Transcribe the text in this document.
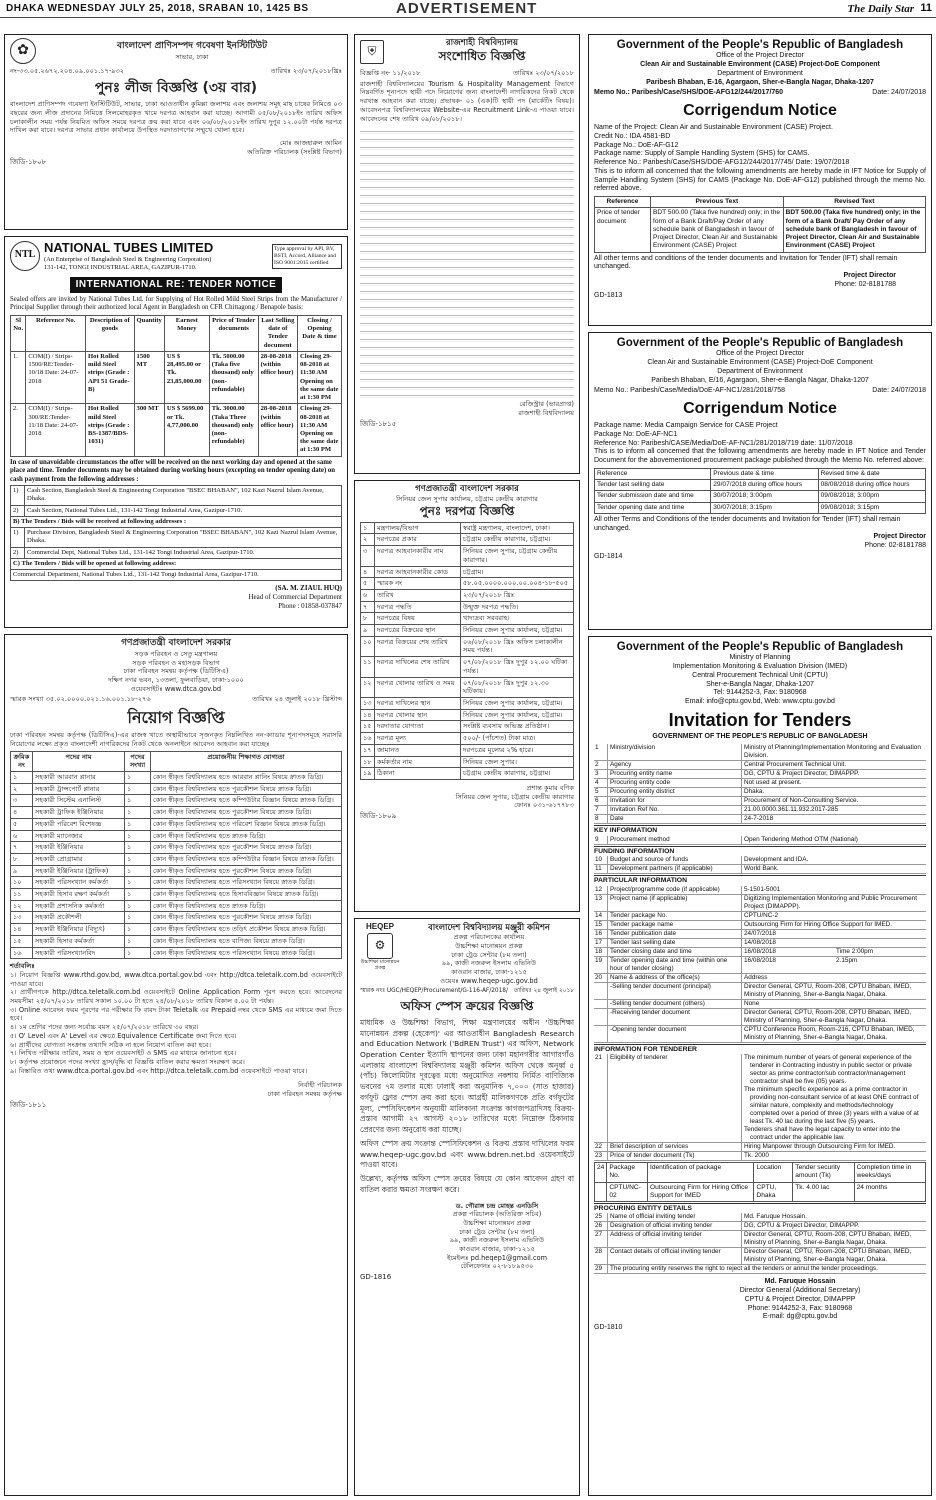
DHAKA WEDNESDAY JULY 25, 2018, SRABAN 10, 1425 BS	ADVERTISEMENT	The Daily Star 11
✿	বাংলাদেশ প্রাণিসম্পদ গবেষণা ইনস্টিটিউট
সাভার, ঢাকা
নং-৩৩.০৫.২৬৭২.২০৪.০৯.০০১.১৭-৯৩২	তারিখঃ ২৩/০৭/২০১৮খ্রিঃ
পুনঃ লীজ বিজ্ঞপ্তি (৩য় বার)
বাংলাদেশ প্রাণিসম্পদ গবেষণা ইনস্টিটিউট, সাভার, ঢাকা আওতাধীন কুমিল্লা জলাশয় এবং জলাশয় সমূহ মাছ চাষের নিমিত্তে ০৩ বছরের জন্য লীজ প্রদানের নিমিত্তে সিলমোহরকৃত খামে দরপত্র আহবান করা যাচ্ছে। আগামী ০৫/০৮/২০১৮ইং তারিখ অফিস চলাকালীন সময় পর্যন্ত নিয়মিত অফিস সময়ে দরপত্র ক্রয় করা যাবে এবং ০৬/০৮/২০১৮ইং তারিখ দুপুর ১২.০০টা পর্যন্ত দরপত্র দাখিল করা যাবে। দরপত্র সাভার প্রধান কার্যালয়ে উপস্থিত দরদাতাগণের সম্মুখে খোলা হবে।
মোঃ আজহারুল আমিন
অতিরিক্ত পরিচালক (সংশ্লিষ্ট বিভাগ)
জিডি-১৮০৮
NTL NATIONAL TUBES LIMITED
(An Enterprise of Bangladesh Steel & Engineering Corporation)
131-142, TONGI INDUSTRIAL AREA, GAZIPUR-1710.
Type approval by API, BV, BSTI, Accord, Alliance and ISO 9001:2015 certified
INTERNATIONAL RE: TENDER NOTICE
Sealed offers are invited by National Tubes Ltd. for Supplying of Hot Rolled Mild Steel Strips from the Manufacturer / Principal Supplier through their authorized local Agent in Bangladesh on CFR Chittagong / Benapole basis:
Sl No.	Reference No.	Description of goods	Quantity	Earnest Money	Price of Tender documents	Last Selling date of Tender document	Closing / Opening Date & time
1.	COM(I) / Strips-1500/RE:Tender-10/18 Date: 24-07-2018	Hot Rolled mild Steel strips (Grade : API 51 Grade-B)	1500 MT	US $ 28,495.00 or Tk. 23,85,000.00	Tk. 5000.00 (Taka five thousand) only (non-refundable)	28-08-2018 (within office hour)	Closing 29-08-2018 at 11:30 AM Opening on the same date at 1:30 PM
2.	COM(I) / Strips-300/RE:Tender-11/18 Date: 24-07-2018	Hot Rolled mild Steel strips (Grade : BS-1387/BDS-1031)	300 MT	US $ 5699.00 or Tk. 4,77,000.00	Tk. 3000.00 (Taka Three thousand) only (non-refundable)	28-08-2018 (within office hour)	Closing 29-08-2018 at 11:30 AM Opening on the same date at 1:30 PM
In case of unavoidable circumstances the offer will be received on the next working day and opened at the same place and time. Tender documents may be obtained during working hours (excepting on tender opening date) on cash payment from the following addresses :
1)	Cash Section, Bangladesh Steel & Engineering Corporation "BSEC BHABAN", 102 Kazi Nazrul Islam Avenue, Dhaka.
2)	Cash Section, National Tubes Ltd., 131-142 Tongi Industrial Area, Gazipur-1710.
B) The Tenders / Bids will be received at following addresses :	
1)	Purchase Division, Bangladesh Steel & Engineering Corporation "BSEC BHABAN", 102 Kazi Nazrul Islam Avenue, Dhaka.
2)	Commercial Dept, National Tubes Ltd., 131-142 Tongi Industrial Area, Gazipur-1710.
C) The Tenders / Bids will be opened at following address:	
Commercial Department, National Tubes Ltd., 131-142 Tongi Industrial Area, Gazipur-1710.	
(SA. M. ZIAUL HUQ)
Head of Commercial Department
Phone : 01858-037847
গণপ্রজাতন্ত্রী বাংলাদেশ সরকার
সড়ক পরিবহন ও সেতু মন্ত্রণালয়
সড়ক পরিবহন ও মহাসড়ক বিভাগ
ঢাকা পরিবহন সমন্বয় কর্তৃপক্ষ (ডিটিসিএ)
দক্ষিণ নগর ভবন, ১৩তলা, ফুলবাড়িয়া, ঢাকা-১০০০
ওয়েবসাইটঃ www.dtca.gov.bd
স্মারক সংখ্যা ৩৫.০২.০০০০.০২১.১৬.০০১.১৮-২৭৬	তারিখঃ ২৪ জুলাই ২০১৮ খ্রিস্টাব্দ
নিয়োগ বিজ্ঞপ্তি
ঢাকা পরিবহন সমন্বয় কর্তৃপক্ষ (ডিটিসিএ)-এর রাজস্ব খাতে অস্থায়ীভাবে সৃজনকৃত নিম্নলিখিত নন-ক্যাডার শূন্যপদসমূহে সরাসরি নিয়োগের লক্ষ্যে প্রকৃত বাংলাদেশী নাগরিকদের নিকট থেকে অনলাইনে আবেদন আহবান করা যাচ্ছেঃ
ক্রমিক নং	পদের নাম	পদের সংখ্যা	প্রয়োজনীয় শিক্ষাগত যোগ্যতা
১	সহকারী আরবান প্লানার	১	কোন স্বীকৃত বিশ্ববিদ্যালয় হতে আরবান প্লানিং বিষয়ে স্নাতক ডিগ্রি।
২	সহকারী ট্রান্সপোর্ট প্লানার	১	কোন স্বীকৃত বিশ্ববিদ্যালয় হতে পুরকৌশল বিষয়ে স্নাতক ডিগ্রি।
৩	সহকারী সিস্টেম এনালিস্ট	১	কোন স্বীকৃত বিশ্ববিদ্যালয় হতে কম্পিউটার বিজ্ঞান বিষয়ে স্নাতক ডিগ্রি।
৪	সহকারী ট্রাফিক ইঞ্জিনিয়ার	১	কোন স্বীকৃত বিশ্ববিদ্যালয় হতে পুরকৌশল বিষয়ে স্নাতক ডিগ্রি।
৫	সহকারী পরিবেশ বিশেষজ্ঞ	১	কোন স্বীকৃত বিশ্ববিদ্যালয় হতে পরিবেশ বিজ্ঞান বিষয়ে স্নাতক ডিগ্রি।
৬	সহকারী ম্যানেজার	১	কোন স্বীকৃত বিশ্ববিদ্যালয় হতে স্নাতক ডিগ্রি।
৭	সহকারী ইঞ্জিনিয়ার	১	কোন স্বীকৃত বিশ্ববিদ্যালয় হতে পুরকৌশল বিষয়ে স্নাতক ডিগ্রি।
৮	সহকারী প্রোগ্রামার	১	কোন স্বীকৃত বিশ্ববিদ্যালয় হতে কম্পিউটার বিজ্ঞান বিষয়ে স্নাতক ডিগ্রি।
৯	সহকারী ইঞ্জিনিয়ার (ট্রাফিক)	১	কোন স্বীকৃত বিশ্ববিদ্যালয় হতে পুরকৌশল বিষয়ে স্নাতক ডিগ্রি।
১০	সহকারী পরিসংখ্যান কর্মকর্তা	১	কোন স্বীকৃত বিশ্ববিদ্যালয় হতে পরিসংখ্যান বিষয়ে স্নাতক ডিগ্রি।
১১	সহকারী হিসাব রক্ষণ কর্মকর্তা	১	কোন স্বীকৃত বিশ্ববিদ্যালয় হতে হিসাববিজ্ঞান বিষয়ে স্নাতক ডিগ্রি।
১২	সহকারী প্রশাসনিক কর্মকর্তা	১	কোন স্বীকৃত বিশ্ববিদ্যালয় হতে স্নাতক ডিগ্রি।
১৩	সহকারী প্রকৌশলী	১	কোন স্বীকৃত বিশ্ববিদ্যালয় হতে পুরকৌশল বিষয়ে স্নাতক ডিগ্রি।
১৪	সহকারী ইঞ্জিনিয়ার (বিদ্যুৎ)	১	কোন স্বীকৃত বিশ্ববিদ্যালয় হতে তড়িৎ প্রকৌশল বিষয়ে স্নাতক ডিগ্রি।
১৫	সহকারী হিসাব কর্মকর্তা	১	কোন স্বীকৃত বিশ্ববিদ্যালয় হতে বাণিজ্য বিষয়ে স্নাতক ডিগ্রি।
১৬	সহকারী পরিসংখ্যানবিদ	১	কোন স্বীকৃত বিশ্ববিদ্যালয় হতে পরিসংখ্যান বিষয়ে স্নাতক ডিগ্রি।
শর্তাবলিঃ
১। নিয়োগ বিজ্ঞপ্তি www.rthd.gov.bd, www.dtca.portal.gov.bd এবং http://dtca.teletalk.com.bd ওয়েবসাইটে পাওয়া যাবে।
২। প্রার্থীগণকে http://dtca.teletalk.com.bd ওয়েবসাইটে Online Application Form পূরণ করতে হবে। আবেদনের সময়সীমা ২৫/০৭/২০১৮ তারিখ সকাল ১০.০০ টা হতে ২৪/০৮/২০১৮ তারিখ বিকাল ৫.০০ টা পর্যন্ত।
৩। Online আবেদন ফরম পূরণের পর পরীক্ষার ফি বাবদ টাকা Teletalk এর Prepaid নম্বর থেকে SMS এর মাধ্যমে জমা দিতে হবে।
৪। ১ম শ্রেণির পদের জন্য সর্বোচ্চ বয়স ২৫/০৭/২০১৮ তারিখে ৩০ বছর।
৫। O' Level এবং A' Level এর ক্ষেত্রে Equivalence Certificate জমা দিতে হবে।
৬। প্রার্থীদের যোগ্যতা সংক্রান্ত তথ্যাদি সঠিক না হলে নিয়োগ বাতিল করা হবে।
৭। লিখিত পরীক্ষার তারিখ, সময় ও স্থান ওয়েবসাইট ও SMS এর মাধ্যমে জানানো হবে।
৮। কর্তৃপক্ষ প্রয়োজনে পদের সংখ্যা হ্রাস/বৃদ্ধি বা বিজ্ঞপ্তি বাতিল করার ক্ষমতা সংরক্ষণ করে।
৯। বিস্তারিত তথ্য www.dtca.portal.gov.bd এবং http://dtca.teletalk.com.bd ওয়েবসাইটে পাওয়া যাবে।
নির্বাহী পরিচালক
ঢাকা পরিবহন সমন্বয় কর্তৃপক্ষ
জিডি-১৮১১
⛨
রাজশাহী বিশ্ববিদ্যালয়
সংশোধিত বিজ্ঞপ্তি
বিজ্ঞপ্তি নং- ১১/২০১৮	তারিখঃ ২৩/০৭/২০১৮
রাজশাহী বিশ্ববিদ্যালয়ের Tourism & Hospitality Management বিভাগে নিম্নবর্ণিত শূন্যপদে স্থায়ী পদে নিয়োগের জন্য বাংলাদেশী নাগরিকদের নিকট থেকে দরখাস্ত আহবান করা যাচ্ছে। প্রভাষক- ০১ (এক)টি স্থায়ী পদ (মার্কেটিং বিষয়)। আবেদনপত্র বিশ্ববিদ্যালয়ের Website-এর Recruitment Link-এ পাওয়া যাবে। আবেদনের শেষ তারিখ ০৯/০৮/২০১৮।
রেজিস্ট্রার (ভারপ্রাপ্ত)
রাজশাহী বিশ্ববিদ্যালয়
জিডি-১৮১৫
গণপ্রজাতন্ত্রী বাংলাদেশ সরকার
সিনিয়র জেল সুপার কার্যালয়, চট্টগ্রাম কেন্দ্রীয় কারাগার
পুনঃ দরপত্র বিজ্ঞপ্তি
১	মন্ত্রণালয়/বিভাগ	স্বরাষ্ট্র মন্ত্রণালয়, বাংলাদেশ, ঢাকা।
২	দরপত্রের প্রকার	চট্টগ্রাম কেন্দ্রীয় কারাগার, চট্টগ্রাম।
৩	দরপত্র আহবানকারীর নাম	সিনিয়র জেল সুপার, চট্টগ্রাম কেন্দ্রীয় কারাগার।
৪	দরপত্র আহবানকারীর কোড	চট্টগ্রাম।
৫	স্মারক নং	৫৮.০৫.০০০০.০০০.০০.০০৪-১৮-৫০৫
৬	তারিখ	২৩/০৭/২০১৮ খ্রিঃ
৭	দরপত্র পদ্ধতি	উন্মুক্ত দরপত্র পদ্ধতি।
৮	দরপত্রের বিষয়	খাদ্যদ্রব্য সরবরাহ।
৯	দরপত্রের বিক্রয়ের স্থান	সিনিয়র জেল সুপার কার্যালয়, চট্টগ্রাম।
১০	দরপত্র বিক্রয়ের শেষ তারিখ	০৬/০৮/২০১৮ খ্রিঃ অফিস চলাকালীন সময় পর্যন্ত।
১১	দরপত্র দাখিলের শেষ তারিখ	০৭/০৮/২০১৮ খ্রিঃ দুপুর ১২.০০ ঘটিকা পর্যন্ত।
১২	দরপত্র খোলার তারিখ ও সময়	০৭/০৮/২০১৮ খ্রিঃ দুপুর ১২.৩০ ঘটিকায়।
১৩	দরপত্র দাখিলের স্থান	সিনিয়র জেল সুপার কার্যালয়, চট্টগ্রাম।
১৪	দরপত্র খোলার স্থান	সিনিয়র জেল সুপার কার্যালয়, চট্টগ্রাম।
১৫	দরদাতার যোগ্যতা	সংশ্লিষ্ট ব্যবসায় অভিজ্ঞ প্রতিষ্ঠান।
১৬	দরপত্র মূল্য	৫০০/- (পাঁচশত) টাকা মাত্র।
১৭	জামানত	দরপত্রের মূল্যের ২% হারে।
১৮	কর্মকর্তার নাম	সিনিয়র জেল সুপার।
১৯	ঠিকানা	চট্টগ্রাম কেন্দ্রীয় কারাগার, চট্টগ্রাম।
প্রশান্ত কুমার বণিক
সিনিয়র জেল সুপার, চট্টগ্রাম কেন্দ্রীয় কারাগার
ফোনঃ ০৩১-৬১৭৭৮৩
জিডি-১৮০৯
HEQEP
⚙
উচ্চশিক্ষা মানোন্নয়ন প্রকল্প
বাংলাদেশ বিশ্ববিদ্যালয় মঞ্জুরী কমিশন
প্রকল্প পরিচালকের কার্যালয়
উচ্চশিক্ষা মানোন্নয়ন প্রকল্প
ঢাকা ট্রেড সেন্টার (৮ম তলা)
৯৯, কাজী নজরুল ইসলাম এভিনিউ
কাওরান বাজার, ঢাকা-১২১৫
ওয়েবঃ www.heqep-ugc.gov.bd
স্মারক নংঃ UGC/HEQEP/Procurement/G-116-AF/2018/ তারিখঃ ২৪ জুলাই ২০১৮
অফিস স্পেস ক্রয়ের বিজ্ঞপ্তি
মাধ্যমিক ও উচ্চশিক্ষা বিভাগ, শিক্ষা মন্ত্রণালয়ের অধীন 'উচ্চশিক্ষা মানোন্নয়ন প্রকল্প (হেকেপ)' এর আওতাধীন Bangladesh Research and Education Network ('BdREN Trust') এর অফিস, Network Operation Center ইত্যাদি স্থাপনের জন্য ঢাকা মহানগরীর আগারগাঁও এলাকায় বাংলাদেশ বিশ্ববিদ্যালয় মঞ্জুরী কমিশন অফিস থেকে অনূর্ধ্ব ৫ (পাঁচ) কিলোমিটার দূরত্বের মধ্যে অনুমোদিত নকশায় নির্মিত বাণিজ্যিক ভবনের ৭ম তলার মধ্যে ঢালাই করা অনুমানিক ৭,০০০ (সাত হাজার) বর্গফুট ফ্লোর স্পেস ক্রয় করা হবে। আগ্রহী মালিকগণকে প্রতি বর্গফুটের মূল্য, স্পেসিফিকেশন অনুযায়ী মালিকানা সংক্রান্ত কাগজপত্রাদিসহ বিক্রয়-প্রস্তাব আগামী ২৭ আগস্ট ২০১৮ তারিখের মধ্যে নিম্নোক্ত ঠিকানায় প্রেরণের জন্য অনুরোধ করা যাচ্ছে।
অফিস স্পেস ক্রয় সংক্রান্ত স্পেসিফিকেশন ও বিক্রয় প্রস্তাব দাখিলের ফরম www.heqep-ugc.gov.bd এবং www.bdren.net.bd ওয়েবসাইটে পাওয়া যাবে।
উল্লেখ্য, কর্তৃপক্ষ অফিস স্পেস ক্রয়ের বিষয়ে যে কোন আবেদন গ্রহণ বা বাতিল করার ক্ষমতা সংরক্ষণ করে।
ড. গৌরাঙ্গ চন্দ্র মোহন্ত এনডিসি
প্রকল্প পরিচালক (অতিরিক্ত সচিব)
উচ্চশিক্ষা মানোন্নয়ন প্রকল্প
ঢাকা ট্রেড সেন্টার (৮ম তলা)
৯৯, কাজী নজরুল ইসলাম এভিনিউ
কাওরান বাজার, ঢাকা-১২১৫
ইমেইলঃ pd.heqep1@gmail.com
টেলিফোনঃ ০২-৮১৮৯৫৩০
GD-1816
Government of the People's Republic of Bangladesh
Office of the Project Director
Clean Air and Sustainable Environment (CASE) Project-DoE Component
Department of Environment
Paribesh Bhaban, E-16, Agargaon, Sher-e-Bangla Nagar, Dhaka-1207
Memo No.: Paribesh/Case/SHS/DOE-AFG12/244/2017/760	Date: 24/07/2018
Corrigendum Notice
Name of the Project: Clean Air and Sustainable Environment (CASE) Project.
Credit No.: IDA 4581-BD
Package No.: DoE-AF-G12
Package name: Supply of Sample Handling System (SHS) for CAMS.
Reference No.: Paribesh/Case/SHS/DOE-AFG12/244/2017/745/ Date: 19/07/2018
This is to inform all concerned that the following amendments are hereby made in IFT Notice for Supply of Sample Handling System (SHS) for CAMS (Package No. DoE-AF-G12) published through the memo No. referred above.
Reference	Previous Text	Revised Text
Price of tender document	BDT 500.00 (Taka five hundred) only; in the form of a Bank Draft/Pay Order of any schedule bank of Bangladesh in favour of Project Director, Clean Air and Sustainable Environment (CASE) Project	BDT 500.00 (Taka five hundred) only; in the form of a Bank Draft/ Pay Order of any schedule bank of Bangladesh in favour of Project Director, Clean Air and Sustainable Environment (CASE) Project
All other terms and conditions of the tender documents and Invitation for Tender (IFT) shall remain unchanged.
Project Director
Phone: 02-8181788
GD-1813
Government of the People's Republic of Bangladesh
Office of the Project Director
Clean Air and Sustainable Environment (CASE) Project-DoE Component
Department of Environment
Paribesh Bhaban, E/16, Agargaon, Sher-e-Bangla Nagar, Dhaka-1207
Memo No.: Paribesh/Case/Media/DoE-AF-NC1/281/2018/758	Date: 24/07/2018
Corrigendum Notice
Package name: Media Campaign Service for CASE Project
Package No: DoE-AF-NC1
Reference No: Paribesh/CASE/Media/DoE-AF-NC1/281/2018/719 date: 11/07/2018
This is to inform all concerned that the following amendments are hereby made in IFT Notice and Tender Document for the abovementioned procurement package published through the Memo No. referred above:
Reference	Previous date & time	Revised time & date
Tender last selling date	29/07/2018 during office hours	08/08/2018 during office hours
Tender submission date and time	30/07/2018; 3:00pm	09/08/2018; 3:00pm
Tender opening date and time	30/07/2018; 3:15pm	09/08/2018; 3:15pm
All other Terms and Conditions of the tender documents and Invitation for Tender (IFT) shall remain unchanged.
Project Director
Phone: 02-8181788
GD-1814
Government of the People's Republic of Bangladesh
Ministry of Planning
Implementation Monitoring & Evaluation Division (IMED)
Central Procurement Technical Unit (CPTU)
Sher-e-Bangla Nagar, Dhaka-1207
Tel: 9144252-3, Fax: 9180968
Email: info@cptu.gov.bd, Web: www.cptu.gov.bd
Invitation for Tenders
GOVERNMENT OF THE PEOPLE'S REPUBLIC OF BANGLADESH
1	Ministry/division	Ministry of Planning/Implementation Monitoring and Evaluation Division.
2	Agency	Central Procurement Technical Unit.
3	Procuring entity name	DG, CPTU & Project Director, DIMAPPP.
4	Procuring entity code	Not used at present.
5	Procuring entity district	Dhaka.
6	Invitation for	Procurement of Non-Consulting Service.
7	Invitation Ref No.	21.00.0000.361.11.932.2017-285
8	Date	24-7-2018
KEY INFORMATION
9	Procurement method	Open Tendering Method OTM (National)
FUNDING INFORMATION
10	Budget and source of funds	Development and IDA.
11	Development partners (if applicable)	World Bank.
PARTICULAR INFORMATION
12	Project/programme code (if applicable)	5-1501-5001
13	Project name (if applicable)	Digitizing Implementation Monitoring and Public Procurement Project (DIMAPPP).
14	Tender package No.	CPTU/NC-2
15	Tender package name	Outsourcing Firm for Hiring Office Support for IMED.
16	Tender publication date	24/07/2018
17	Tender last selling date	14/08/2018
18	Tender closing date and time	16/08/2018	Time 2:00pm
19	Tender opening date and time (within one hour of tender closing)
16/08/2018	2.15pm
20	Name & address of the office(s)	Address
-Selling tender document (principal)	Director General, CPTU, Room-208, CPTU Bhaban, IMED, Ministry of Planning, Sher-e-Bangla Nagar, Dhaka.
-Selling tender document (others)	None
-Receiving tender document	Director General, CPTU, Room-208, CPTU Bhaban, IMED, Ministry of Planning, Sher-e-Bangla Nagar, Dhaka.
-Opening tender document	CPTU Conference Room, Room-216, CPTU Bhaban, IMED, Ministry of Planning, Sher-e-Bangla Nagar, Dhaka.
INFORMATION FOR TENDERER
21	Eligibility of tenderer	The minimum number of years of general experience of the tenderer in Contracting industry in public sector or private sector as prime contractor/sub contractor/management contractor shall be five (05) years.
The minimum specific experience as a prime contractor in providing non-consultant service of at least ONE contract of similar nature, complexity and methods/technology completed over a period of three (3) years with a value of at least Tk. 40 lac during the last five (5) years.
Tenderers shall have the legal capacity to enter into the contract under the applicable law.
22	Brief description of services	Hiring Manpower through Outsourcing Firm for IMED.
23	Price of tender document (Tk)	Tk. 2000
24	Package No.	Identification of package	Location	Tender security amount (Tk)	Completion time in weeks/days
	CPTU/NC-02	Outsourcing Firm for Hiring Office Support for IMED	CPTU, Dhaka	Tk. 4.00 lac	24 months
PROCURING ENTITY DETAILS
25	Name of official inviting tender	Md. Faruque Hossain.
26	Designation of official inviting tender	DG, CPTU & Project Director, DIMAPPP.
27	Address of official inviting tender	Director General, CPTU, Room-208, CPTU Bhaban, IMED, Ministry of Planning, Sher-e-Bangla Nagar, Dhaka.
28	Contact details of official inviting tender	Director General, CPTU, Room-208, CPTU Bhaban, IMED, Ministry of Planning, Sher-e-Bangla Nagar, Dhaka.
29	The procuring entity reserves the right to reject all the tenders or annul the tender proceedings.
Md. Faruque Hossain
Director General (Additional Secretary)
CPTU & Project Director, DIMAPPP
Phone: 9144252-3, Fax: 9180968
E-mail: dg@cptu.gov.bd
GD-1810
